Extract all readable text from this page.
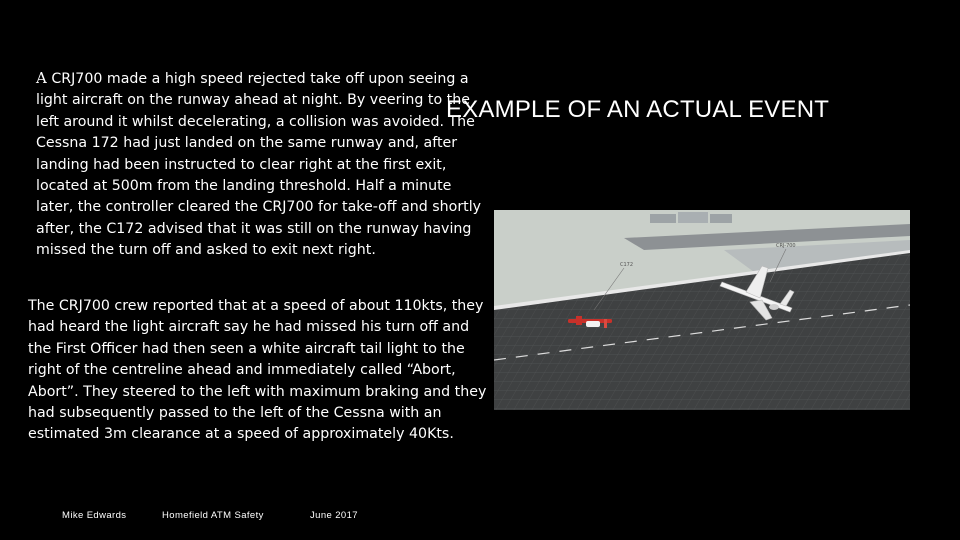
A CRJ700 made a high speed rejected take off upon seeing a light aircraft on the runway ahead at night. By veering to the left around it whilst decelerating, a collision was avoided. The Cessna 172 had just landed on the same runway and, after landing had been instructed to clear right at the first exit, located at 500m from the landing threshold. Half a minute later, the controller cleared the CRJ700 for take-off and shortly after, the C172 advised that it was still on the runway having missed the turn off and asked to exit next right.

EXAMPLE OF AN ACTUAL EVENT
CRJ-700
C172

The CRJ700 crew reported that at a speed of about 110kts, they had heard the light aircraft say he had missed his turn off and the First Officer had then seen a white aircraft tail light to the right of the centreline ahead and immediately called “Abort, Abort”. They steered to the left with maximum braking and they had subsequently passed to the left of the Cessna with an estimated 3m clearance at a speed of approximately 40Kts.

Mike Edwards	Homefield ATM Safety	June 2017
